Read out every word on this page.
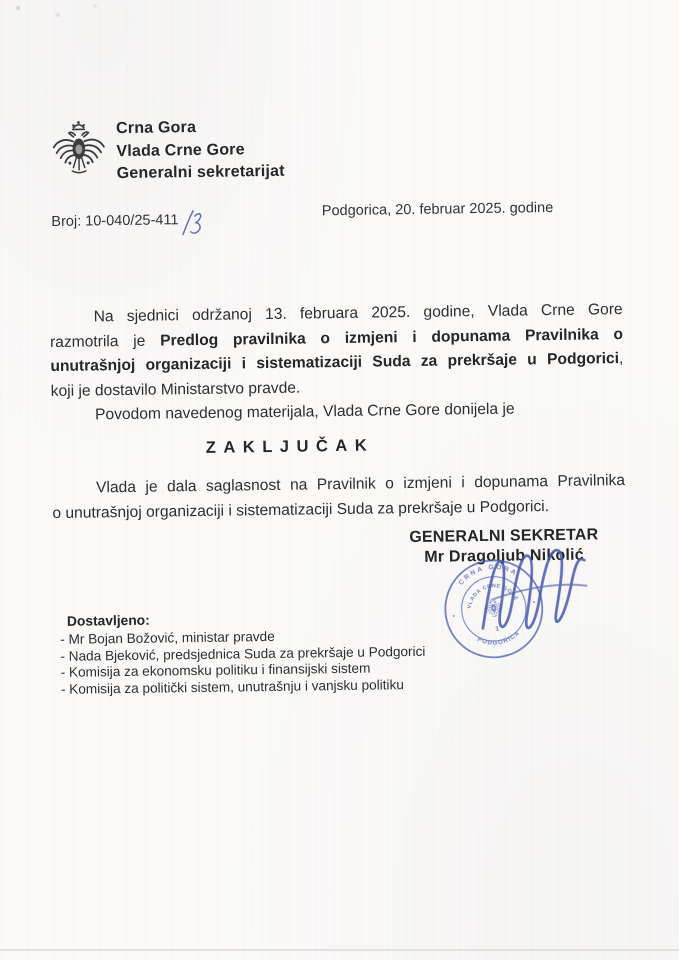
Crna Gora
Vlada Crne Gore
Generalni sekretarijat
Broj: 10-040/25-411
Podgorica, 20. februar 2025. godine
Na sjednici održanoj 13. februara 2025. godine, Vlada Crne Gore
razmotrila je Predlog pravilnika o izmjeni i dopunama Pravilnika o
unutrašnjoj organizaciji i sistematizaciji Suda za prekršaje u Podgorici,
koji je dostavilo Ministarstvo pravde.
Povodom navedenog materijala, Vlada Crne Gore donijela je
ZAKLJUČAK
Vlada je dala saglasnost na Pravilnik o izmjeni i dopunama Pravilnika
o unutrašnjoj organizaciji i sistematizaciji Suda za prekršaje u Podgorici.
GENERALNI SEKRETAR
Mr Dragoljub Nikolić
CRNA GORA
VLADA CRNE GORE
PODGORICA
1
•
•
Dostavljeno:
- Mr Bojan Božović, ministar pravde
- Nada Bjeković, predsjednica Suda za prekršaje u Podgorici
- Komisija za ekonomsku politiku i finansijski sistem
- Komisija za politički sistem, unutrašnju i vanjsku politiku
